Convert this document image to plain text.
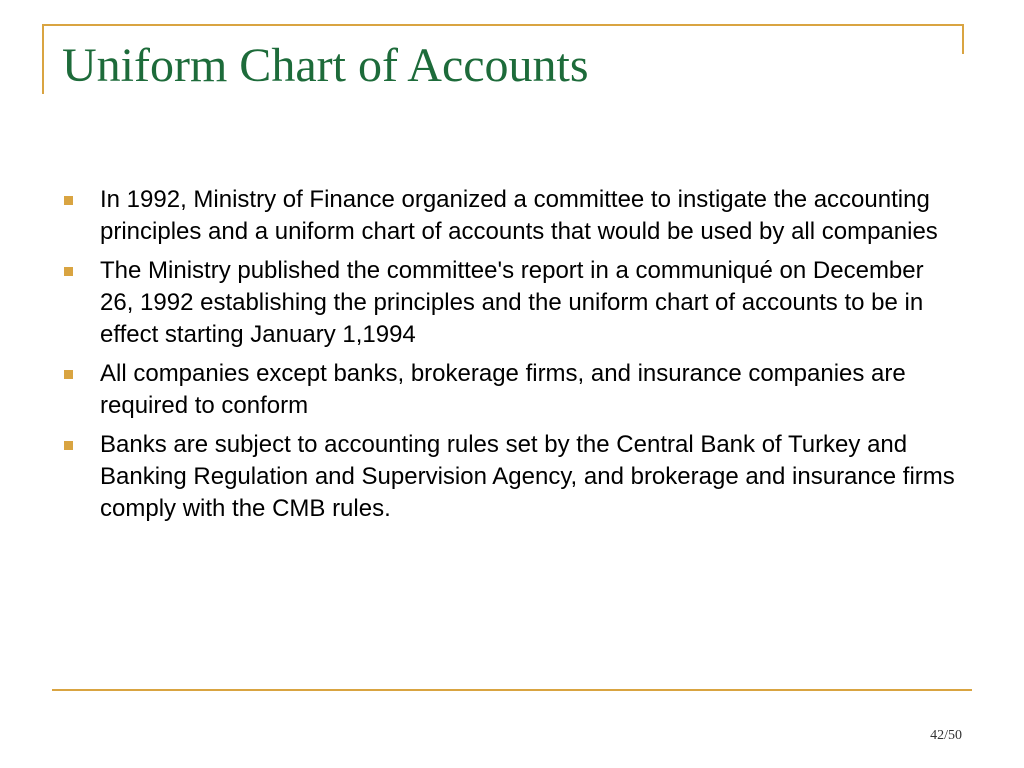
Uniform Chart of Accounts
In 1992, Ministry of Finance organized a committee to instigate the accounting principles and a uniform chart of accounts that would be used by all companies
The Ministry published the committee's report in a communiqué on December 26, 1992 establishing the principles and the uniform chart of accounts to be in effect starting January 1,1994
All companies except banks, brokerage firms, and insurance companies are required to conform
Banks are subject to accounting rules set by the Central Bank of Turkey and Banking Regulation and Supervision Agency, and brokerage and insurance firms comply with the CMB rules.
42/50
